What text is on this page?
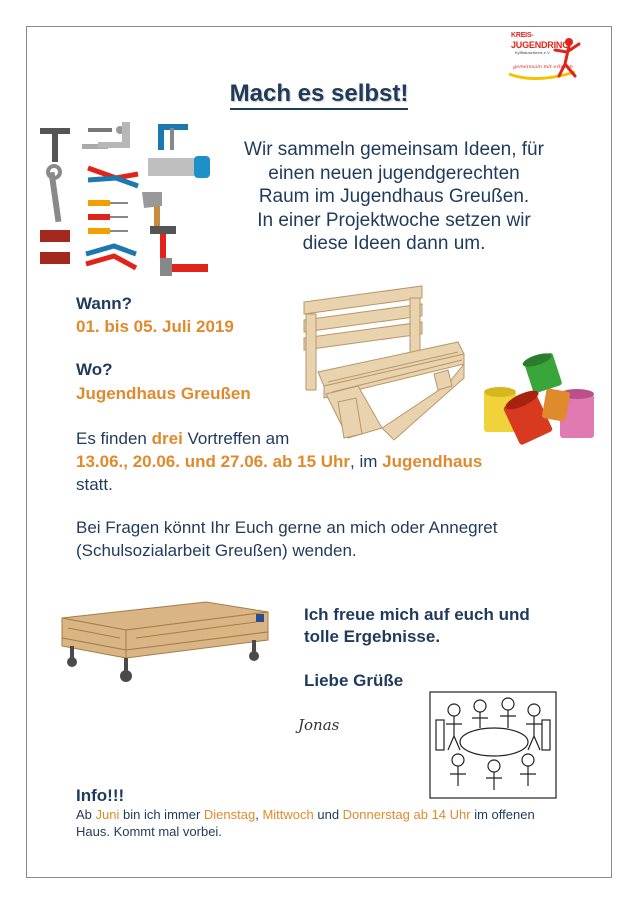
KREIS-
JUGENDRING
Kyffhäuserkreis e.V.
gemeinsam mit erleben
Mach es selbst!
Wir sammeln gemeinsam Ideen, für
einen neuen jugendgerechten
Raum im Jugendhaus Greußen.
In einer Projektwoche setzen wir
diese Ideen dann um.
Wann?
01. bis 05. Juli 2019
Wo?
Jugendhaus Greußen
Es finden drei Vortreffen am
13.06., 20.06. und 27.06. ab 15 Uhr, im Jugendhaus
statt.
Bei Fragen könnt Ihr Euch gerne an mich oder Annegret
(Schulsozialarbeit Greußen) wenden.
Ich freue mich auf euch und
tolle Ergebnisse.
Liebe Grüße
Jonas
Info!!!
Ab Juni bin ich immer Dienstag, Mittwoch und Donnerstag ab 14 Uhr im offenen Haus. Kommt mal vorbei.
